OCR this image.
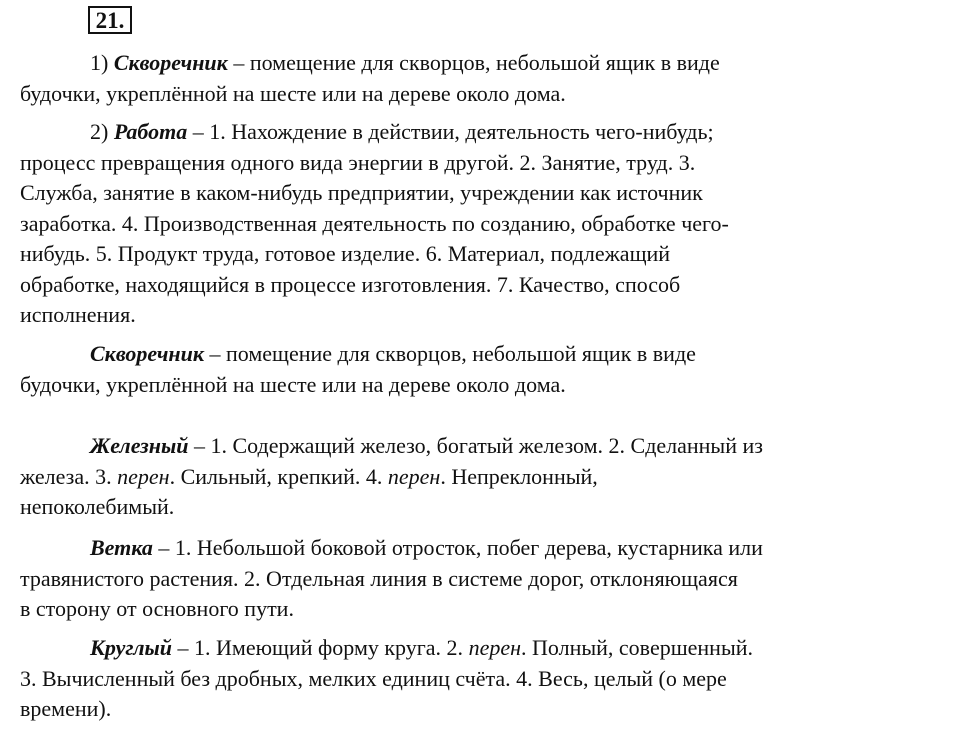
21.

1) Скворечник – помещение для скворцов, небольшой ящик в виде
будочки, укреплённой на шесте или на дереве около дома.

2) Работа – 1. Нахождение в действии, деятельность чего-нибудь;
процесс превращения одного вида энергии в другой. 2. Занятие, труд. 3.
Служба, занятие в каком-нибудь предприятии, учреждении как источник
заработка. 4. Производственная деятельность по созданию, обработке чего-
нибудь. 5. Продукт труда, готовое изделие. 6. Материал, подлежащий
обработке, находящийся в процессе изготовления. 7. Качество, способ
исполнения.

Скворечник – помещение для скворцов, небольшой ящик в виде
будочки, укреплённой на шесте или на дереве около дома.

Железный – 1. Содержащий железо, богатый железом. 2. Сделанный из
железа. 3. перен. Сильный, крепкий. 4. перен. Непреклонный,
непоколебимый.

Ветка – 1. Небольшой боковой отросток, побег дерева, кустарника или
травянистого растения. 2. Отдельная линия в системе дорог, отклоняющаяся
в сторону от основного пути.

Круглый – 1. Имеющий форму круга. 2. перен. Полный, совершенный.
3. Вычисленный без дробных, мелких единиц счёта. 4. Весь, целый (о мере
времени).
